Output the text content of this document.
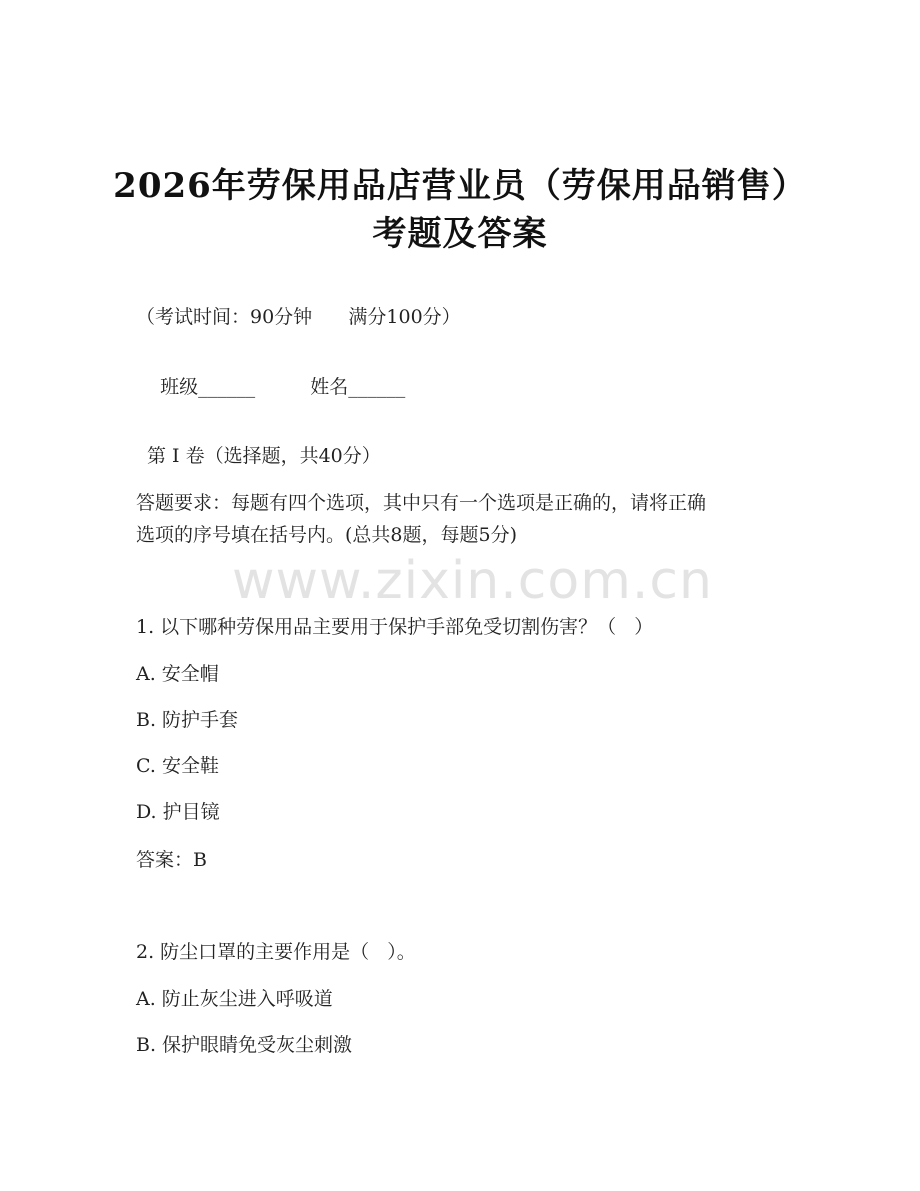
2026年劳保用品店营业员（劳保用品销售）
考题及答案
（考试时间：90分钟      满分100分）

班级______	姓名______

第 I 卷（选择题，共40分）
答题要求：每题有四个选项，其中只有一个选项是正确的，请将正确
选项的序号填在括号内。(总共8题，每题5分)
www.zixin.com.cn
1. 以下哪种劳保用品主要用于保护手部免受切割伤害？（   ）
A. 安全帽
B. 防护手套
C. 安全鞋
D. 护目镜
答案：B
2. 防尘口罩的主要作用是（   ）。
A. 防止灰尘进入呼吸道
B. 保护眼睛免受灰尘刺激
